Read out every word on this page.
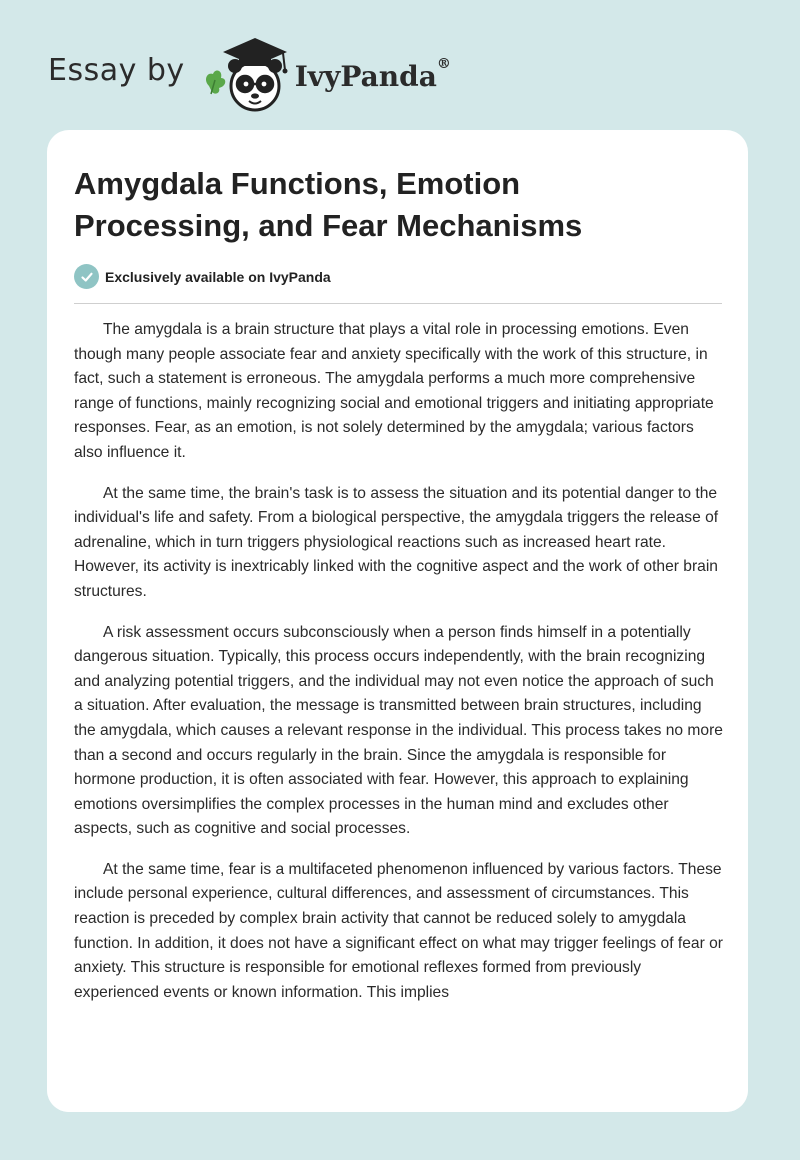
Essay by	IvyPanda®
Amygdala Functions, Emotion Processing, and Fear Mechanisms
Exclusively available on IvyPanda

The amygdala is a brain structure that plays a vital role in processing emotions. Even though many people associate fear and anxiety specifically with the work of this structure, in fact, such a statement is erroneous. The amygdala performs a much more comprehensive range of functions, mainly recognizing social and emotional triggers and initiating appropriate responses. Fear, as an emotion, is not solely determined by the amygdala; various factors also influence it.

At the same time, the brain's task is to assess the situation and its potential danger to the individual's life and safety. From a biological perspective, the amygdala triggers the release of adrenaline, which in turn triggers physiological reactions such as increased heart rate. However, its activity is inextricably linked with the cognitive aspect and the work of other brain structures.

A risk assessment occurs subconsciously when a person finds himself in a potentially dangerous situation. Typically, this process occurs independently, with the brain recognizing and analyzing potential triggers, and the individual may not even notice the approach of such a situation. After evaluation, the message is transmitted between brain structures, including the amygdala, which causes a relevant response in the individual. This process takes no more than a second and occurs regularly in the brain. Since the amygdala is responsible for hormone production, it is often associated with fear. However, this approach to explaining emotions oversimplifies the complex processes in the human mind and excludes other aspects, such as cognitive and social processes.

At the same time, fear is a multifaceted phenomenon influenced by various factors. These include personal experience, cultural differences, and assessment of circumstances. This reaction is preceded by complex brain activity that cannot be reduced solely to amygdala function. In addition, it does not have a significant effect on what may trigger feelings of fear or anxiety. This structure is responsible for emotional reflexes formed from previously experienced events or known information. This implies
